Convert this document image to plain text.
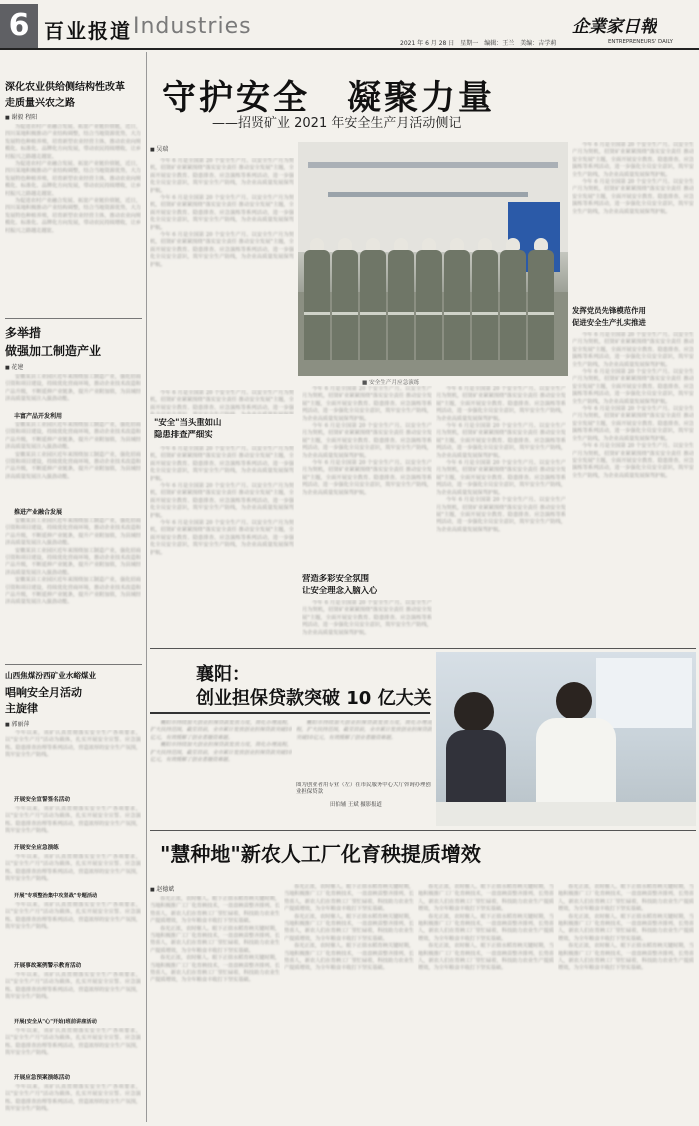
6 百业报道 Industries	企業家日報
2021 年 6 月 28 日　星期一　编辑：王兰　美编：吉学莉	ENTREPRENEURS' DAILY
深化农业供给侧结构性改革
走质量兴农之路
■ 谢毅 程阳

为促进农村产业融合发展、拓宽产业链价值链，近日，四川某地积极推动产业结构调整，结合当地资源优势，大力发展特色种植养殖，培育新型农业经营主体，推动农业向规模化、标准化、品牌化方向发展，带动农民持续增收，让乡村振兴之路越走越宽。

为促进农村产业融合发展、拓宽产业链价值链，近日，四川某地积极推动产业结构调整，结合当地资源优势，大力发展特色种植养殖，培育新型农业经营主体，推动农业向规模化、标准化、品牌化方向发展，带动农民持续增收，让乡村振兴之路越走越宽。

为促进农村产业融合发展、拓宽产业链价值链，近日，四川某地积极推动产业结构调整，结合当地资源优势，大力发展特色种植养殖，培育新型农业经营主体，推动农业向规模化、标准化、品牌化方向发展，带动农民持续增收，让乡村振兴之路越走越宽。

多举措
做强加工制造产业
■ 花建

安徽某县工业园区近年来围绕加工制造产业，强化招商引资和项目建设，持续优化营商环境，推动企业技术改造和产品升级，不断延伸产业链条，提升产业附加值，为县域经济高质量发展注入强劲动能。

丰富产品开发利用

安徽某县工业园区近年来围绕加工制造产业，强化招商引资和项目建设，持续优化营商环境，推动企业技术改造和产品升级，不断延伸产业链条，提升产业附加值，为县域经济高质量发展注入强劲动能。

安徽某县工业园区近年来围绕加工制造产业，强化招商引资和项目建设，持续优化营商环境，推动企业技术改造和产品升级，不断延伸产业链条，提升产业附加值，为县域经济高质量发展注入强劲动能。

推进产业融合发展

安徽某县工业园区近年来围绕加工制造产业，强化招商引资和项目建设，持续优化营商环境，推动企业技术改造和产品升级，不断延伸产业链条，提升产业附加值，为县域经济高质量发展注入强劲动能。

安徽某县工业园区近年来围绕加工制造产业，强化招商引资和项目建设，持续优化营商环境，推动企业技术改造和产品升级，不断延伸产业链条，提升产业附加值，为县域经济高质量发展注入强劲动能。

安徽某县工业园区近年来围绕加工制造产业，强化招商引资和项目建设，持续优化营商环境，推动企业技术改造和产品升级，不断延伸产业链条，提升产业附加值，为县域经济高质量发展注入强劲动能。

山西焦煤汾西矿业水峪煤业
唱响安全月活动
主旋律
■ 郭丽萍

今年以来，该矿认真贯彻落实安全生产各项要求，以"安全生产月"活动为载体，扎实开展安全宣誓、应急演练、隐患排查治理等系列活动，营造浓厚的安全生产氛围，筑牢安全生产防线。

开展安全宣誓签名活动

今年以来，该矿认真贯彻落实安全生产各项要求，以"安全生产月"活动为载体，扎实开展安全宣誓、应急演练、隐患排查治理等系列活动，营造浓厚的安全生产氛围，筑牢安全生产防线。

开展安全应急演练

今年以来，该矿认真贯彻落实安全生产各项要求，以"安全生产月"活动为载体，扎实开展安全宣誓、应急演练、隐患排查治理等系列活动，营造浓厚的安全生产氛围，筑牢安全生产防线。

开展"专项整治集中攻坚战"专题活动

今年以来，该矿认真贯彻落实安全生产各项要求，以"安全生产月"活动为载体，扎实开展安全宣誓、应急演练、隐患排查治理等系列活动，营造浓厚的安全生产氛围，筑牢安全生产防线。

开展事故案例警示教育活动

今年以来，该矿认真贯彻落实安全生产各项要求，以"安全生产月"活动为载体，扎实开展安全宣誓、应急演练、隐患排查治理等系列活动，营造浓厚的安全生产氛围，筑牢安全生产防线。

开展(安全从"心"开始)班前讲座活动

今年以来，该矿认真贯彻落实安全生产各项要求，以"安全生产月"活动为载体，扎实开展安全宣誓、应急演练、隐患排查治理等系列活动，营造浓厚的安全生产氛围，筑牢安全生产防线。

开展应急预案演练活动

今年以来，该矿认真贯彻落实安全生产各项要求，以"安全生产月"活动为载体，扎实开展安全宣誓、应急演练、隐患排查治理等系列活动，营造浓厚的安全生产氛围，筑牢安全生产防线。

守护安全　凝聚力量
——招贤矿业 2021 年安全生产月活动侧记
■ 吴瑞

今年 6 月是全国第 20 个安全生产月。以安全生产月为契机，招贤矿业紧紧围绕"落实安全责任 推动安全发展"主题，全面开展安全教育、隐患排查、应急演练等系列活动，进一步强化全员安全意识，筑牢安全生产防线，为企业高质量发展保驾护航。

今年 6 月是全国第 20 个安全生产月。以安全生产月为契机，招贤矿业紧紧围绕"落实安全责任 推动安全发展"主题，全面开展安全教育、隐患排查、应急演练等系列活动，进一步强化全员安全意识，筑牢安全生产防线，为企业高质量发展保驾护航。

今年 6 月是全国第 20 个安全生产月。以安全生产月为契机，招贤矿业紧紧围绕"落实安全责任 推动安全发展"主题，全面开展安全教育、隐患排查、应急演练等系列活动，进一步强化全员安全意识，筑牢安全生产防线，为企业高质量发展保驾护航。

■ 安全生产月应急演练

今年 6 月是全国第 20 个安全生产月。以安全生产月为契机，招贤矿业紧紧围绕"落实安全责任 推动安全发展"主题，全面开展安全教育、隐患排查、应急演练等系列活动，进一步强

"安全"当头重如山
隐患排查严细实

今年 6 月是全国第 20 个安全生产月。以安全生产月为契机，招贤矿业紧紧围绕"落实安全责任 推动安全发展"主题，全面开展安全教育、隐患排查、应急演练等系列活动，进一步强化全员安全意识，筑牢安全生产防线，为企业高质量发展保驾护航。

今年 6 月是全国第 20 个安全生产月。以安全生产月为契机，招贤矿业紧紧围绕"落实安全责任 推动安全发展"主题，全面开展安全教育、隐患排查、应急演练等系列活动，进一步强化全员安全意识，筑牢安全生产防线，为企业高质量发展保驾护航。

今年 6 月是全国第 20 个安全生产月。以安全生产月为契机，招贤矿业紧紧围绕"落实安全责任 推动安全发展"主题，全面开展安全教育、隐患排查、应急演练等系列活动，进一步强化全员安全意识，筑牢安全生产防线，为企业高质量发展保驾护航。

今年 6 月是全国第 20 个安全生产月。以安全生产月为契机，招贤矿业紧紧围绕"落实安全责任 推动安全发展"主题，全面开展安全教育、隐患排查、应急演练等系列活动，进一步强化全员安全意识，筑牢安全生产防线，为企业高质量发展保驾护航。

今年 6 月是全国第 20 个安全生产月。以安全生产月为契机，招贤矿业紧紧围绕"落实安全责任 推动安全发展"主题，全面开展安全教育、隐患排查、应急演练等系列活动，进一步强化全员安全意识，筑牢安全生产防线，为企业高质量发展保驾护航。

今年 6 月是全国第 20 个安全生产月。以安全生产月为契机，招贤矿业紧紧围绕"落实安全责任 推动安全发展"主题，全面开展安全教育、隐患排查、应急演练等系列活动，进一步强化全员安全意识，筑牢安全生产防线，为企业高质量发展保驾护航。

营造多彩安全氛围
让安全理念入脑入心

今年 6 月是全国第 20 个安全生产月。以安全生产月为契机，招贤矿业紧紧围绕"落实安全责任 推动安全发展"主题，全面开展安全教育、隐患排查、应急演练等系列活动，进一步强化全员安全意识，筑牢安全生产防线，为企业高质量发展保驾护航。

今年 6 月是全国第 20 个安全生产月。以安全生产月为契机，招贤矿业紧紧围绕"落实安全责任 推动安全发展"主题，全面开展安全教育、隐患排查、应急演练等系列活动，进一步强化全员安全意识，筑牢安全生产防线，为企业高质量发展保驾护航。

今年 6 月是全国第 20 个安全生产月。以安全生产月为契机，招贤矿业紧紧围绕"落实安全责任 推动安全发展"主题，全面开展安全教育、隐患排查、应急演练等系列活动，进一步强化全员安全意识，筑牢安全生产防线，为企业高质量发展保驾护航。

今年 6 月是全国第 20 个安全生产月。以安全生产月为契机，招贤矿业紧紧围绕"落实安全责任 推动安全发展"主题，全面开展安全教育、隐患排查、应急演练等系列活动，进一步强化全员安全意识，筑牢安全生产防线，为企业高质量发展保驾护航。

今年 6 月是全国第 20 个安全生产月。以安全生产月为契机，招贤矿业紧紧围绕"落实安全责任 推动安全发展"主题，全面开展安全教育、隐患排查、应急演练等系列活动，进一步强化全员安全意识，筑牢安全生产防线，为企业高质量发展保驾护航。

今年 6 月是全国第 20 个安全生产月。以安全生产月为契机，招贤矿业紧紧围绕"落实安全责任 推动安全发展"主题，全面开展安全教育、隐患排查、应急演练等系列活动，进一步强化全员安全意识，筑牢安全生产防线，为企业高质量发展保驾护航。

今年 6 月是全国第 20 个安全生产月。以安全生产月为契机，招贤矿业紧紧围绕"落实安全责任 推动安全发展"主题，全面开展安全教育、隐患排查、应急演练等系列活动，进一步强化全员安全意识，筑牢安全生产防线，为企业高质量发展保驾护航。

发挥党员先锋模范作用
促进安全生产扎实推进

今年 6 月是全国第 20 个安全生产月。以安全生产月为契机，招贤矿业紧紧围绕"落实安全责任 推动安全发展"主题，全面开展安全教育、隐患排查、应急演练等系列活动，进一步强化全员安全意识，筑牢安全生产防线，为企业高质量发展保驾护航。

今年 6 月是全国第 20 个安全生产月。以安全生产月为契机，招贤矿业紧紧围绕"落实安全责任 推动安全发展"主题，全面开展安全教育、隐患排查、应急演练等系列活动，进一步强化全员安全意识，筑牢安全生产防线，为企业高质量发展保驾护航。

今年 6 月是全国第 20 个安全生产月。以安全生产月为契机，招贤矿业紧紧围绕"落实安全责任 推动安全发展"主题，全面开展安全教育、隐患排查、应急演练等系列活动，进一步强化全员安全意识，筑牢安全生产防线，为企业高质量发展保驾护航。

今年 6 月是全国第 20 个安全生产月。以安全生产月为契机，招贤矿业紧紧围绕"落实安全责任 推动安全发展"主题，全面开展安全教育、隐患排查、应急演练等系列活动，进一步强化全员安全意识，筑牢安全生产防线，为企业高质量发展保驾护航。

襄阳：
创业担保贷款突破 10 亿大关

襄阳市持续加大创业担保贷款发放力度，简化办理流程，扩大扶持范围，截至目前，全市累计发放创业担保贷款突破10亿元，有效缓解了创业者融资难题。

襄阳市持续加大创业担保贷款发放力度，简化办理流程，扩大扶持范围，截至目前，全市累计发放创业担保贷款突破10亿元，有效缓解了创业者融资难题。

襄阳市持续加大创业担保贷款发放力度，简化办理流程，扩大扶持范围，截至目前，全市累计发放创业担保贷款突破10亿元，有效缓解了创业者融资难题。

图为创业者用专业（左）在市民服务中心大厅咨询办理创业担保贷款
田伯辅 王斌 摄影报道
"慧种地"新农人工厂化育秧提质增效
■ 赵德斌

春光正浓，农时催人。眼下正值水稻育秧关键时期，当地积极推广工厂化育秧技术，一盘盘秧苗整齐排列、长势喜人，新农人们在育秧工厂里忙碌着，科技助力农业生产提质增效，为全年粮食丰收打下坚实基础。

春光正浓，农时催人。眼下正值水稻育秧关键时期，当地积极推广工厂化育秧技术，一盘盘秧苗整齐排列、长势喜人，新农人们在育秧工厂里忙碌着，科技助力农业生产提质增效，为全年粮食丰收打下坚实基础。

春光正浓，农时催人。眼下正值水稻育秧关键时期，当地积极推广工厂化育秧技术，一盘盘秧苗整齐排列、长势喜人，新农人们在育秧工厂里忙碌着，科技助力农业生产提质增效，为全年粮食丰收打下坚实基础。

春光正浓，农时催人。眼下正值水稻育秧关键时期，当地积极推广工厂化育秧技术，一盘盘秧苗整齐排列、长势喜人，新农人们在育秧工厂里忙碌着，科技助力农业生产提质增效，为全年粮食丰收打下坚实基础。

春光正浓，农时催人。眼下正值水稻育秧关键时期，当地积极推广工厂化育秧技术，一盘盘秧苗整齐排列、长势喜人，新农人们在育秧工厂里忙碌着，科技助力农业生产提质增效，为全年粮食丰收打下坚实基础。

春光正浓，农时催人。眼下正值水稻育秧关键时期，当地积极推广工厂化育秧技术，一盘盘秧苗整齐排列、长势喜人，新农人们在育秧工厂里忙碌着，科技助力农业生产提质增效，为全年粮食丰收打下坚实基础。

春光正浓，农时催人。眼下正值水稻育秧关键时期，当地积极推广工厂化育秧技术，一盘盘秧苗整齐排列、长势喜人，新农人们在育秧工厂里忙碌着，科技助力农业生产提质增效，为全年粮食丰收打下坚实基础。

春光正浓，农时催人。眼下正值水稻育秧关键时期，当地积极推广工厂化育秧技术，一盘盘秧苗整齐排列、长势喜人，新农人们在育秧工厂里忙碌着，科技助力农业生产提质增效，为全年粮食丰收打下坚实基础。

春光正浓，农时催人。眼下正值水稻育秧关键时期，当地积极推广工厂化育秧技术，一盘盘秧苗整齐排列、长势喜人，新农人们在育秧工厂里忙碌着，科技助力农业生产提质增效，为全年粮食丰收打下坚实基础。

春光正浓，农时催人。眼下正值水稻育秧关键时期，当地积极推广工厂化育秧技术，一盘盘秧苗整齐排列、长势喜人，新农人们在育秧工厂里忙碌着，科技助力农业生产提质增效，为全年粮食丰收打下坚实基础。

春光正浓，农时催人。眼下正值水稻育秧关键时期，当地积极推广工厂化育秧技术，一盘盘秧苗整齐排列、长势喜人，新农人们在育秧工厂里忙碌着，科技助力农业生产提质增效，为全年粮食丰收打下坚实基础。

春光正浓，农时催人。眼下正值水稻育秧关键时期，当地积极推广工厂化育秧技术，一盘盘秧苗整齐排列、长势喜人，新农人们在育秧工厂里忙碌着，科技助力农业生产提质增效，为全年粮食丰收打下坚实基础。
